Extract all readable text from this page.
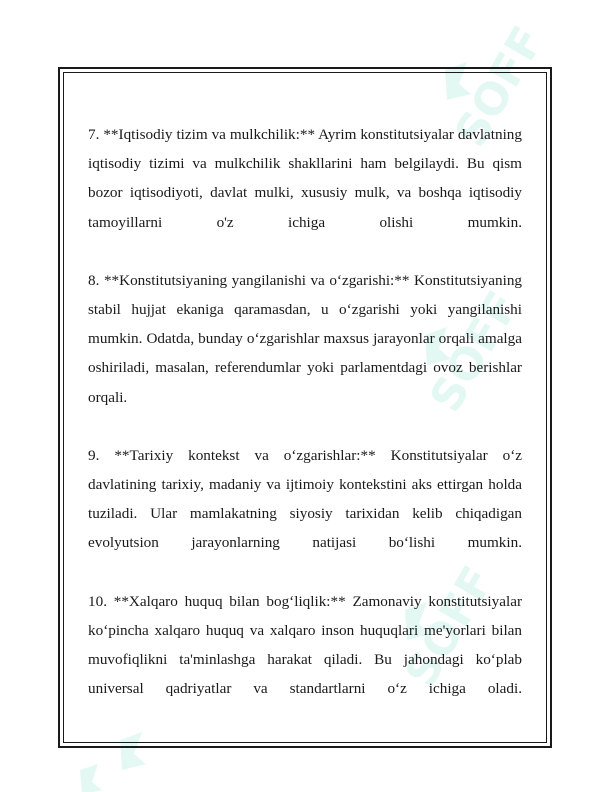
SOFF
SOFF
SOFF

7. **Iqtisodiy tizim va mulkchilik:** Ayrim konstitutsiyalar davlatning iqtisodiy tizimi va mulkchilik shakllarini ham belgilaydi. Bu qism bozor iqtisodiyoti, davlat mulki, xususiy mulk, va boshqa iqtisodiy tamoyillarni o'z ichiga olishi mumkin.

8. **Konstitutsiyaning yangilanishi va o‘zgarishi:** Konstitutsiyaning stabil hujjat ekaniga qaramasdan, u o‘zgarishi yoki yangilanishi mumkin. Odatda, bunday o‘zgarishlar maxsus jarayonlar orqali amalga oshiriladi, masalan, referendumlar yoki parlamentdagi ovoz berishlar orqali.

9. **Tarixiy kontekst va o‘zgarishlar:** Konstitutsiyalar o‘z davlatining tarixiy, madaniy va ijtimoiy kontekstini aks ettirgan holda tuziladi. Ular mamlakatning siyosiy tarixidan kelib chiqadigan evolyutsion jarayonlarning natijasi bo‘lishi mumkin.

10. **Xalqaro huquq bilan bog‘liqlik:** Zamonaviy konstitutsiyalar ko‘pincha xalqaro huquq va xalqaro inson huquqlari me'yorlari bilan muvofiqlikni ta'minlashga harakat qiladi. Bu jahondagi ko‘plab universal qadriyatlar va standartlarni o‘z ichiga oladi.
